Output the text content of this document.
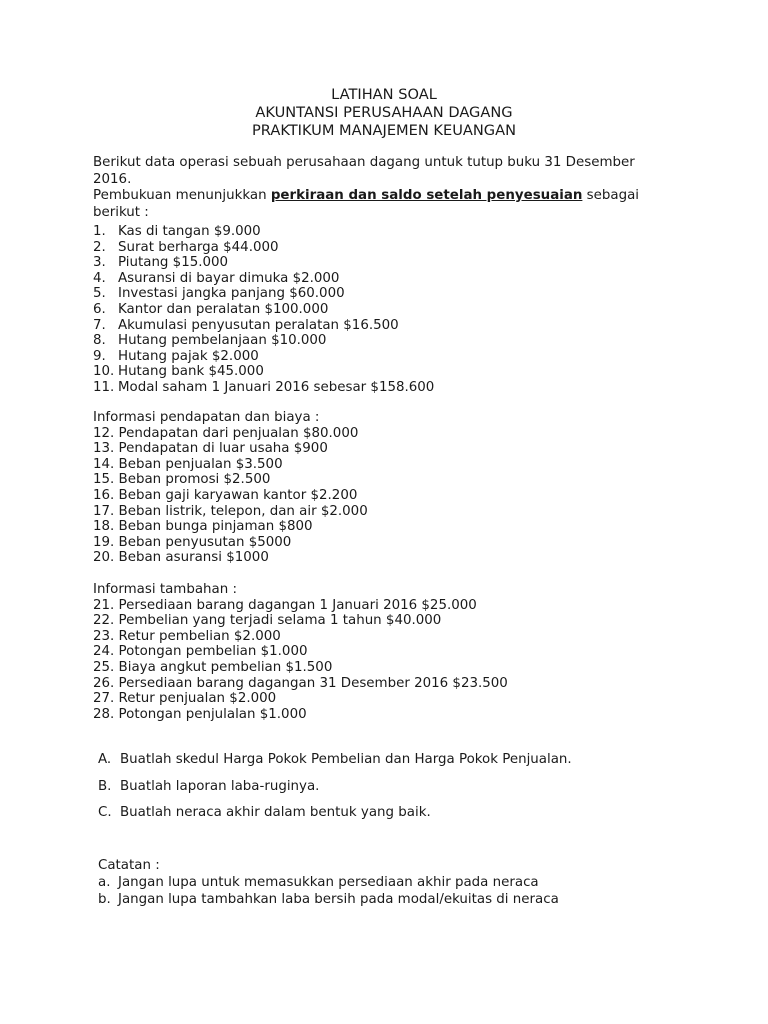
LATIHAN SOAL
AKUNTANSI PERUSAHAAN DAGANG
PRAKTIKUM MANAJEMEN KEUANGAN
Berikut data operasi sebuah perusahaan dagang untuk tutup buku 31 Desember
2016.
Pembukuan menunjukkan perkiraan dan saldo setelah penyesuaian sebagai
berikut :
1. Kas di tangan $9.000
2. Surat berharga $44.000
3. Piutang $15.000
4. Asuransi di bayar dimuka $2.000
5. Investasi jangka panjang $60.000
6. Kantor dan peralatan $100.000
7. Akumulasi penyusutan peralatan $16.500
8. Hutang pembelanjaan $10.000
9. Hutang pajak $2.000
10. Hutang bank $45.000
11. Modal saham 1 Januari 2016 sebesar $158.600
Informasi pendapatan dan biaya :
12. Pendapatan dari penjualan $80.000
13. Pendapatan di luar usaha $900
14. Beban penjualan $3.500
15. Beban promosi $2.500
16. Beban gaji karyawan kantor $2.200
17. Beban listrik, telepon, dan air $2.000
18. Beban bunga pinjaman $800
19. Beban penyusutan $5000
20. Beban asuransi $1000
Informasi tambahan :
21. Persediaan barang dagangan 1 Januari 2016 $25.000
22. Pembelian yang terjadi selama 1 tahun $40.000
23. Retur pembelian $2.000
24. Potongan pembelian $1.000
25. Biaya angkut pembelian $1.500
26. Persediaan barang dagangan 31 Desember 2016 $23.500
27. Retur penjualan $2.000
28. Potongan penjulalan $1.000
A. Buatlah skedul Harga Pokok Pembelian dan Harga Pokok Penjualan.
B. Buatlah laporan laba-ruginya.
C. Buatlah neraca akhir dalam bentuk yang baik.
Catatan :
a. Jangan lupa untuk memasukkan persediaan akhir pada neraca
b. Jangan lupa tambahkan laba bersih pada modal/ekuitas di neraca
